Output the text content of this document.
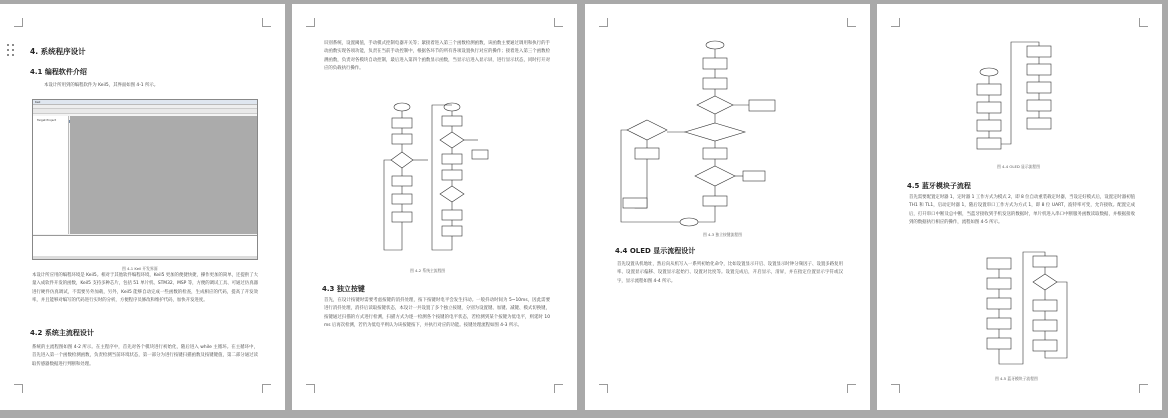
4. 系统程序设计
4.1 编程软件介绍
本设计所用到的编程软件为 Keil5，其界面如图 4-1 所示。
Keil
Target Project
图 4-1 Keil 开发界面
本设计所应用的编程环境是 Keil5。相对于其他软件编程环境，Keil5 更加的便捷快捷，操作更加的简单，还提供了大量入成软件开发的函数，Keil5 支持多种芯片，包括 51 单片机、STM32、MSP 等，方便的调试工具、可通过仿真器进行硬件仿真调试，不需要另外加载，另外，Keil5 能够自动完成一些函数的检查，生成相应的代码，提高了开发效率，并且能够对编写的代码进行实时的分析，方便程序员修改和维护代码，加快开发进度。
4.2 系统主流程设计
系统的主流程图如图 4-2 所示。在主程序中，首先对各个模块进行初始化，随后进入 while 主循环。在主循环中，首先进入第一个函数检测函数，负责检测当前环境状态，第一部分为进行按键扫描函数及按键键值，第二部分通过读取传感器数据进行判断和处理。
识别系统，设置阈值，手动模式控制电器开关等；紧接着进入第三个函数检测函数，该函数主要通过调用和执行的手动函数实现各项功能，负责在当前手动控制中，根据各环节的所有各项设置执行对应的操作；接着进入第三个函数检测函数，负责对各模块自动控制，最后进入第四个函数显示函数，当显示后进入显示屏，进行显示状态，同时打开对应的负载执行操作。
图 4-2 系统主流程图
4.3 独立按键
首先，在设计按键时需要考虑按键的消抖处理，按下按键时电平会发生抖动。一般抖动时间为 5~10ms，因此需要进行消抖处理，消抖后读取按键状态，本设计一共设置了多个独立按键，分别为设置键、加键、减键、模式切换键，按键通过扫描的方式进行检测，扫描方式为逐一检测各个按键的电平状态，若检测到某个按键为低电平，则延时 10ms 后再次检测，若仍为低电平则认为该按键按下，并执行对应的功能。按键处理流程如图 4-3 所示。
图 4-3 独立按键流程图
4.4 OLED 显示流程设计
首先设置从机地址，然后向从机写入一系列初始化命令，比如设置显示开启、设置显示时钟分频因子、设置多路复用率、设置显示偏移、设置显示起始行、设置对比度等。设置完成后，开启显示，清屏，并在指定位置显示字符或汉字，显示流程如图 4-4 所示。
图 4-4 OLED 显示流程图
4.5 蓝牙模块子流程
首先需要配置定时器 1，定时器 1 工作方式为模式 2，即 8 位自动重装载定时器，当设定好模式后，设置定时器初值 TH1 和 TL1，启动定时器 1，随后设置串口工作方式为方式 1，即 8 位 UART，波特率可变，允许接收。配置完成后，打开串口中断及总中断，当蓝牙接收到手机发送的数据时，单片机进入串口中断服务函数读取数据，并根据接收到的数据执行相应的操作，流程如图 4-5 所示。
图 4-5 蓝牙模块子流程图
